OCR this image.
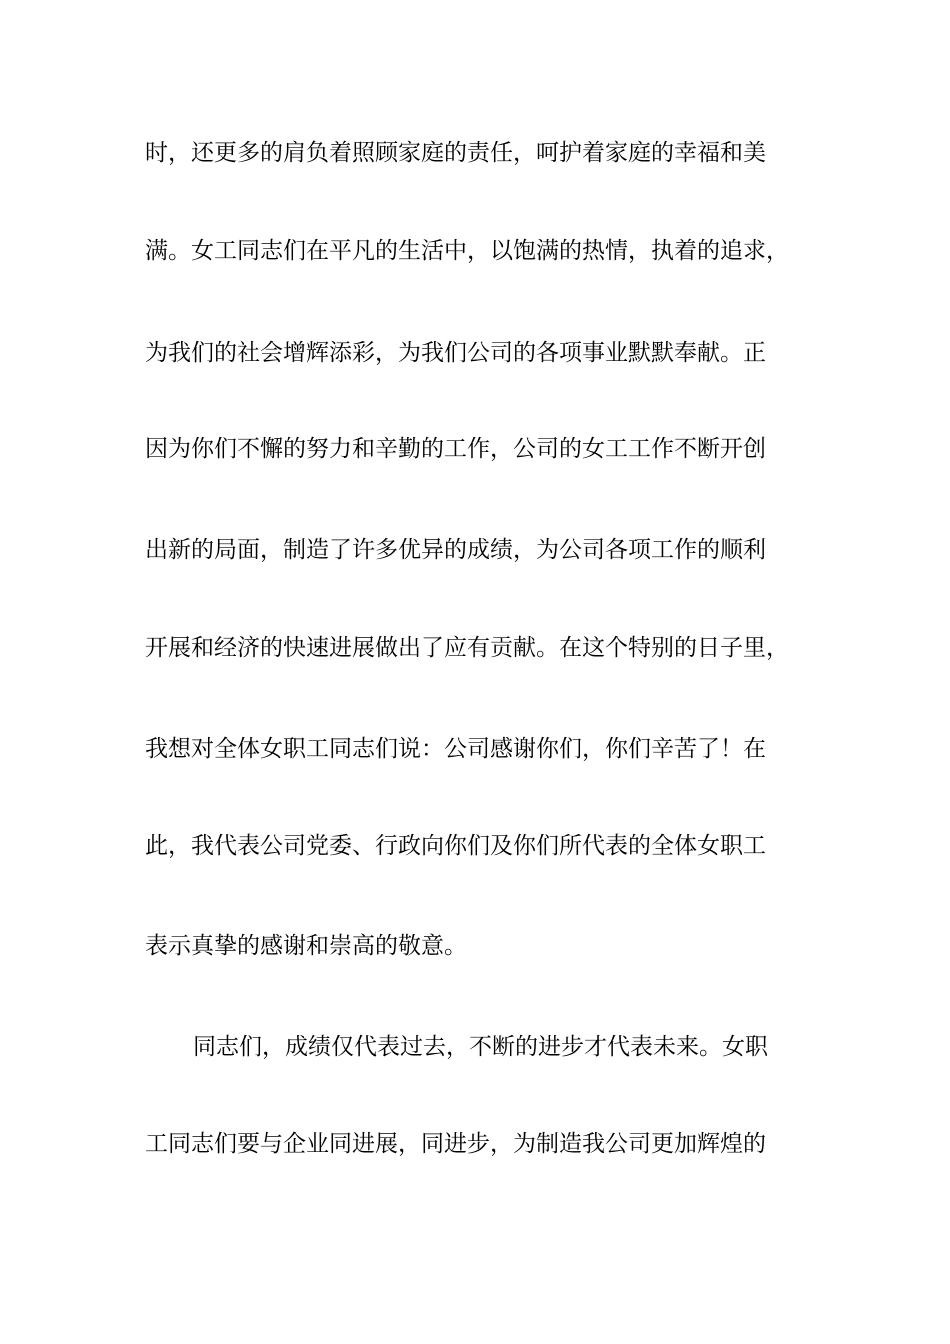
时，还更多的肩负着照顾家庭的责任，呵护着家庭的幸福和美
满。女工同志们在平凡的生活中，以饱满的热情，执着的追求，
为我们的社会增辉添彩，为我们公司的各项事业默默奉献。正
因为你们不懈的努力和辛勤的工作，公司的女工工作不断开创
出新的局面，制造了许多优异的成绩，为公司各项工作的顺利
开展和经济的快速进展做出了应有贡献。在这个特别的日子里，
我想对全体女职工同志们说：公司感谢你们，你们辛苦了！在
此，我代表公司党委、行政向你们及你们所代表的全体女职工
表示真挚的感谢和崇高的敬意。
同志们，成绩仅代表过去，不断的进步才代表未来。女职
工同志们要与企业同进展，同进步，为制造我公司更加辉煌的
